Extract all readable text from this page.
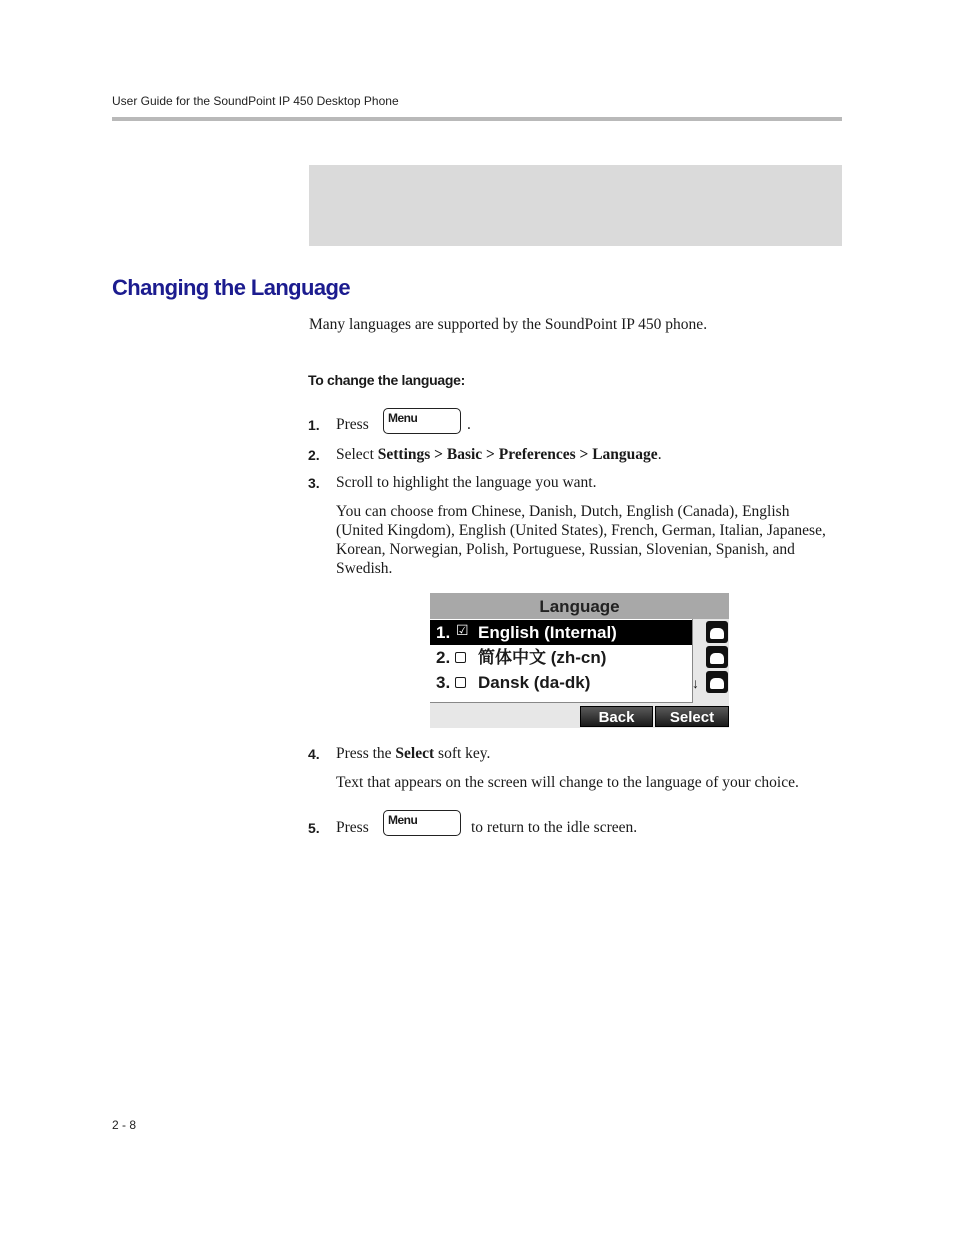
User Guide for the SoundPoint IP 450 Desktop Phone
Changing the Language
Many languages are supported by the SoundPoint IP 450 phone.
To change the language:
1. Press Menu	.
2. Select Settings > Basic > Preferences > Language.
3. Scroll to highlight the language you want.
You can choose from Chinese, Danish, Dutch, English (Canada), English (United Kingdom), English (United States), French, German, Italian, Japanese, Korean, Norwegian, Polish, Portuguese, Russian, Slovenian, Spanish, and Swedish.
Language
1. ☑ English (Internal)
2. 简体中文 (zh-cn)
3. Dansk (da-dk)	↓
Back	Select
4. Press the Select soft key.
Text that appears on the screen will change to the language of your choice.
5. Press Menu	to return to the idle screen.
2 - 8
